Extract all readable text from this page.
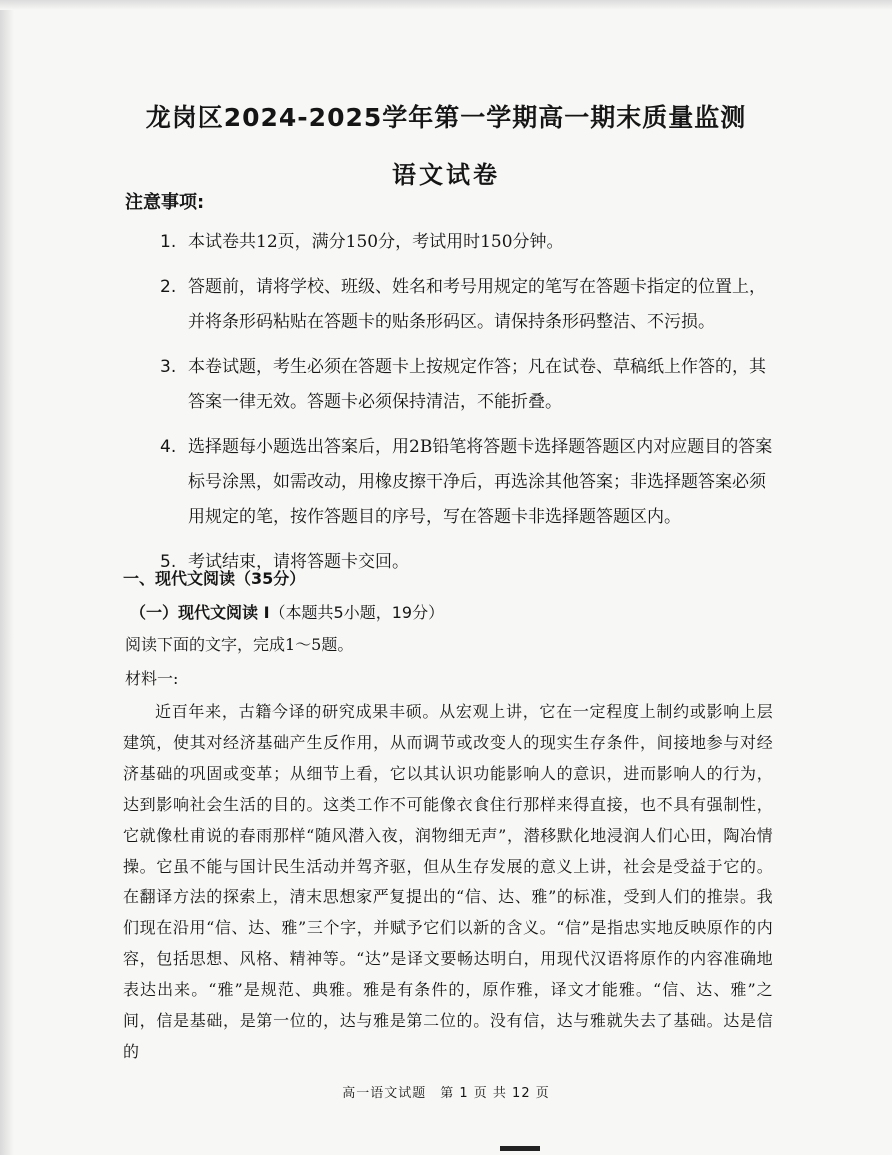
龙岗区2024-2025学年第一学期高一期末质量监测
语文试卷
注意事项:
1. 本试卷共12页，满分150分，考试用时150分钟。
2. 答题前，请将学校、班级、姓名和考号用规定的笔写在答题卡指定的位置上，并将条形码粘贴在答题卡的贴条形码区。请保持条形码整洁、不污损。
3. 本卷试题，考生必须在答题卡上按规定作答；凡在试卷、草稿纸上作答的，其答案一律无效。答题卡必须保持清洁，不能折叠。
4. 选择题每小题选出答案后，用2B铅笔将答题卡选择题答题区内对应题目的答案标号涂黑，如需改动，用橡皮擦干净后，再选涂其他答案；非选择题答案必须用规定的笔，按作答题目的序号，写在答题卡非选择题答题区内。
5. 考试结束，请将答题卡交回。
一、现代文阅读（35分）
（一）现代文阅读 I（本题共5小题，19分）
阅读下面的文字，完成1～5题。
材料一:
近百年来，古籍今译的研究成果丰硕。从宏观上讲，它在一定程度上制约或影响上层建筑，使其对经济基础产生反作用，从而调节或改变人的现实生存条件，间接地参与对经济基础的巩固或变革；从细节上看，它以其认识功能影响人的意识，进而影响人的行为，达到影响社会生活的目的。这类工作不可能像衣食住行那样来得直接，也不具有强制性，它就像杜甫说的春雨那样“随风潜入夜，润物细无声”，潜移默化地浸润人们心田，陶冶情操。它虽不能与国计民生活动并驾齐驱，但从生存发展的意义上讲，社会是受益于它的。在翻译方法的探索上，清末思想家严复提出的“信、达、雅”的标准，受到人们的推崇。我们现在沿用“信、达、雅”三个字，并赋予它们以新的含义。“信”是指忠实地反映原作的内容，包括思想、风格、精神等。“达”是译文要畅达明白，用现代汉语将原作的内容准确地表达出来。“雅”是规范、典雅。雅是有条件的，原作雅，译文才能雅。“信、达、雅”之间，信是基础，是第一位的，达与雅是第二位的。没有信，达与雅就失去了基础。达是信的
高一语文试题　第 1 页 共 12 页
